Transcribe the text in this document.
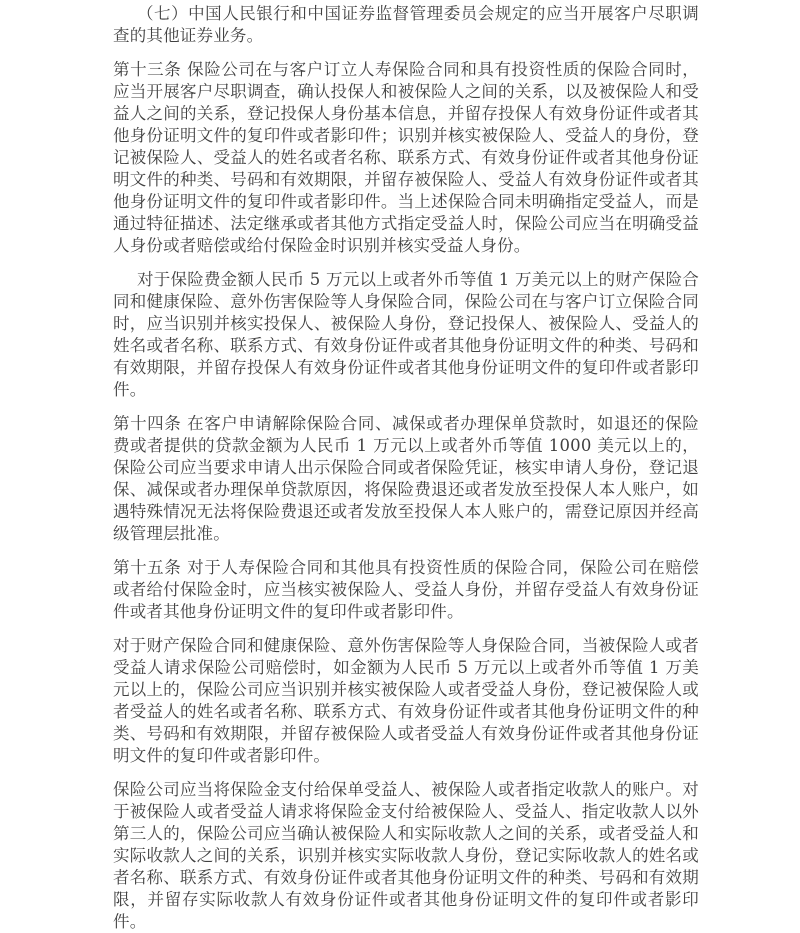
（七）中国人民银行和中国证券监督管理委员会规定的应当开展客户尽职调查的其他证券业务。

第十三条 保险公司在与客户订立人寿保险合同和具有投资性质的保险合同时，应当开展客户尽职调查，确认投保人和被保险人之间的关系，以及被保险人和受益人之间的关系，登记投保人身份基本信息，并留存投保人有效身份证件或者其他身份证明文件的复印件或者影印件；识别并核实被保险人、受益人的身份，登记被保险人、受益人的姓名或者名称、联系方式、有效身份证件或者其他身份证明文件的种类、号码和有效期限，并留存被保险人、受益人有效身份证件或者其他身份证明文件的复印件或者影印件。当上述保险合同未明确指定受益人，而是通过特征描述、法定继承或者其他方式指定受益人时，保险公司应当在明确受益人身份或者赔偿或给付保险金时识别并核实受益人身份。

对于保险费金额人民币 5 万元以上或者外币等值 1 万美元以上的财产保险合同和健康保险、意外伤害保险等人身保险合同，保险公司在与客户订立保险合同时，应当识别并核实投保人、被保险人身份，登记投保人、被保险人、受益人的姓名或者名称、联系方式、有效身份证件或者其他身份证明文件的种类、号码和有效期限，并留存投保人有效身份证件或者其他身份证明文件的复印件或者影印件。

第十四条 在客户申请解除保险合同、减保或者办理保单贷款时，如退还的保险费或者提供的贷款金额为人民币 1 万元以上或者外币等值 1000 美元以上的，保险公司应当要求申请人出示保险合同或者保险凭证，核实申请人身份，登记退保、减保或者办理保单贷款原因，将保险费退还或者发放至投保人本人账户，如遇特殊情况无法将保险费退还或者发放至投保人本人账户的，需登记原因并经高级管理层批准。

第十五条 对于人寿保险合同和其他具有投资性质的保险合同，保险公司在赔偿或者给付保险金时，应当核实被保险人、受益人身份，并留存受益人有效身份证件或者其他身份证明文件的复印件或者影印件。

对于财产保险合同和健康保险、意外伤害保险等人身保险合同，当被保险人或者受益人请求保险公司赔偿时，如金额为人民币 5 万元以上或者外币等值 1 万美元以上的，保险公司应当识别并核实被保险人或者受益人身份，登记被保险人或者受益人的姓名或者名称、联系方式、有效身份证件或者其他身份证明文件的种类、号码和有效期限，并留存被保险人或者受益人有效身份证件或者其他身份证明文件的复印件或者影印件。

保险公司应当将保险金支付给保单受益人、被保险人或者指定收款人的账户。对于被保险人或者受益人请求将保险金支付给被保险人、受益人、指定收款人以外第三人的，保险公司应当确认被保险人和实际收款人之间的关系，或者受益人和实际收款人之间的关系，识别并核实实际收款人身份，登记实际收款人的姓名或者名称、联系方式、有效身份证件或者其他身份证明文件的种类、号码和有效期限，并留存实际收款人有效身份证件或者其他身份证明文件的复印件或者影印件。
